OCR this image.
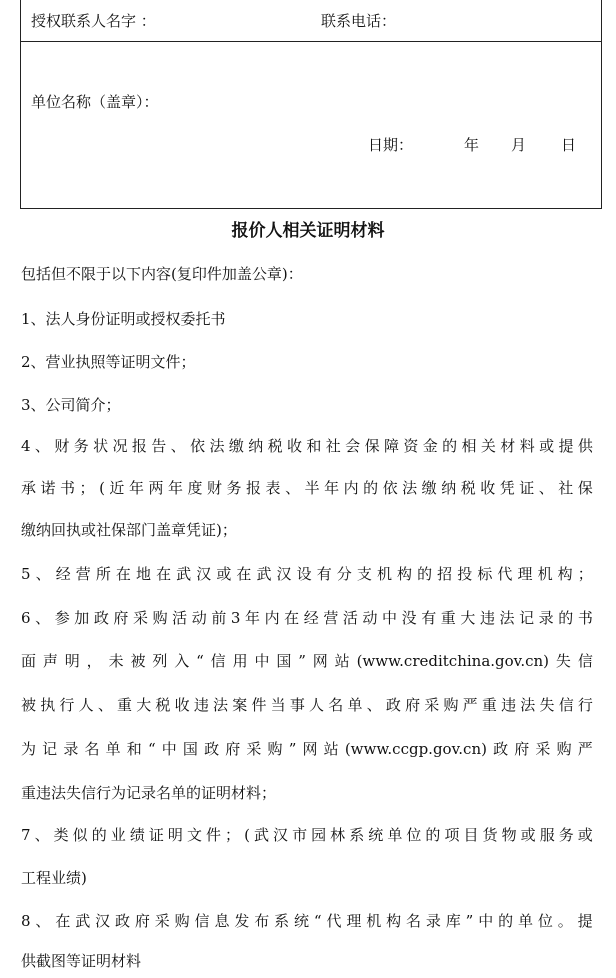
授权联系人名字 ：	联系电话：
单位名称（盖章）：
日期：	年 月 日
报价人相关证明材料
包括但不限于以下内容(复印件加盖公章)：
1、法人身份证明或授权委托书
2、营业执照等证明文件；
3、公司简介；
4 、 财 务 状 况 报 告 、 依 法 缴 纳 税 收 和 社 会 保 障 资 金 的 相 关 材 料 或 提 供
承 诺 书 ； ( 近 年 两 年 度 财 务 报 表 、 半 年 内 的 依 法 缴 纳 税 收 凭 证 、 社 保
缴纳回执或社保部门盖章凭证)；
5 、 经 营 所 在 地 在 武 汉 或 在 武 汉 设 有 分 支 机 构 的 招 投 标 代 理 机 构 ；
6 、 参 加 政 府 采 购 活 动 前 3 年 内 在 经 营 活 动 中 没 有 重 大 违 法 记 录 的 书
面 声 明 ， 未 被 列 入 “ 信 用 中 国 ” 网 站 (www.creditchina.gov.cn) 失 信
被 执 行 人 、 重 大 税 收 违 法 案 件 当 事 人 名 单 、 政 府 采 购 严 重 违 法 失 信 行
为 记 录 名 单 和 “ 中 国 政 府 采 购 ” 网 站 (www.ccgp.gov.cn) 政 府 采 购 严
重违法失信行为记录名单的证明材料；
7 、 类 似 的 业 绩 证 明 文 件 ； ( 武 汉 市 园 林 系 统 单 位 的 项 目 货 物 或 服 务 或
工程业绩)
8 、 在 武 汉 政 府 采 购 信 息 发 布 系 统 “ 代 理 机 构 名 录 库 ” 中 的 单 位 。 提
供截图等证明材料
